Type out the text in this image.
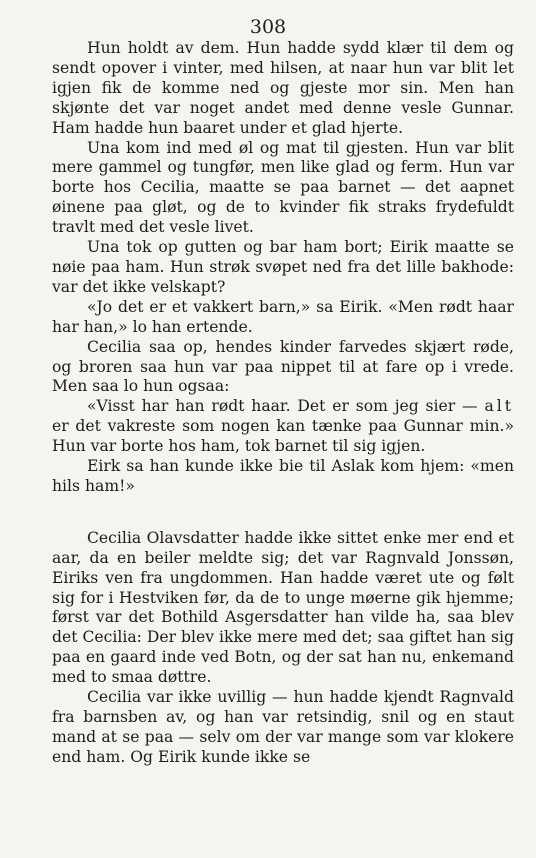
308

Hun holdt av dem. Hun hadde sydd klær til dem og sendt opover i vinter, med hilsen, at naar hun var blit let igjen fik de komme ned og gjeste mor sin. Men han skjønte det var noget andet med denne vesle Gunnar. Ham hadde hun baaret under et glad hjerte.

Una kom ind med øl og mat til gjesten. Hun var blit mere gammel og tungfør, men like glad og ferm. Hun var borte hos Cecilia, maatte se paa barnet — det aapnet øinene paa gløt, og de to kvinder fik straks frydefuldt travlt med det vesle livet.

Una tok op gutten og bar ham bort; Eirik maatte se nøie paa ham. Hun strøk svøpet ned fra det lille bakhode: var det ikke velskapt?

«Jo det er et vakkert barn,» sa Eirik. «Men rødt haar har han,» lo han ertende.

Cecilia saa op, hendes kinder farvedes skjært røde, og broren saa hun var paa nippet til at fare op i vrede. Men saa lo hun ogsaa:

«Visst har han rødt haar. Det er som jeg sier — alt er det vakreste som nogen kan tænke paa Gunnar min.» Hun var borte hos ham, tok barnet til sig igjen.

Eirk sa han kunde ikke bie til Aslak kom hjem: «men hils ham!»

Cecilia Olavsdatter hadde ikke sittet enke mer end et aar, da en beiler meldte sig; det var Ragnvald Jonssøn, Eiriks ven fra ungdommen. Han hadde været ute og følt sig for i Hestviken før, da de to unge møerne gik hjemme; først var det Bothild Asgersdatter han vilde ha, saa blev det Cecilia: Der blev ikke mere med det; saa giftet han sig paa en gaard inde ved Botn, og der sat han nu, enkemand med to smaa døttre.

Cecilia var ikke uvillig — hun hadde kjendt Ragnvald fra barnsben av, og han var retsindig, snil og en staut mand at se paa — selv om der var mange som var klokere end ham. Og Eirik kunde ikke se
